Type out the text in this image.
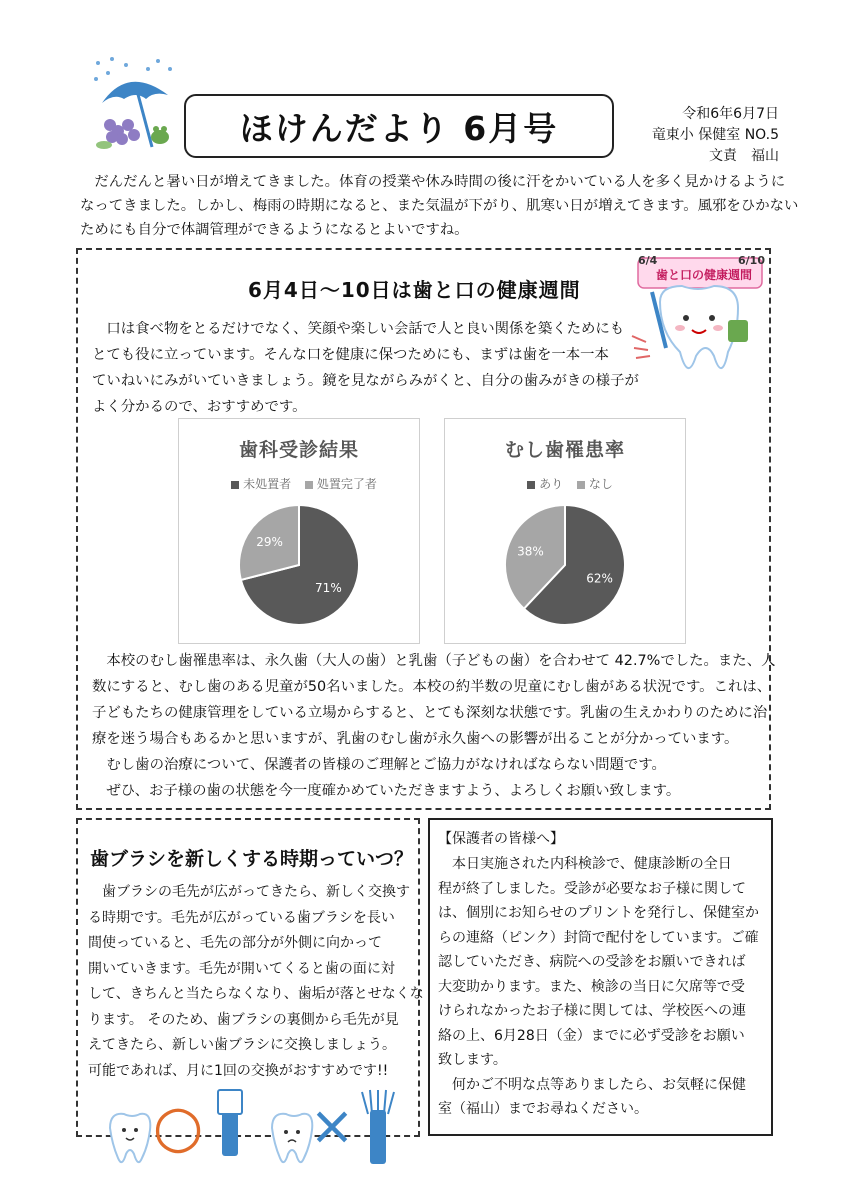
ほけんだより 6月号	令和6年6月7日
竜東小 保健室 NO.5
文責　福山
　だんだんと暑い日が増えてきました。体育の授業や休み時間の後に汗をかいている人を多く見かけるように
なってきました。しかし、梅雨の時期になると、また気温が下がり、肌寒い日が増えてきます。風邪をひかない
ためにも自分で体調管理ができるようになるとよいですね。
6月4日～10日は歯と口の健康週間
　口は食べ物をとるだけでなく、笑顔や楽しい会話で人と良い関係を築くためにも
とても役に立っています。そんな口を健康に保つためにも、まずは歯を一本一本
ていねいにみがいていきましょう。鏡を見ながらみがくと、自分の歯みがきの様子が
よく分かるので、おすすめです。
6/4
歯と口の健康週間
6/10
歯科受診結果
未処置者 処置完了者
71%
29%
むし歯罹患率
あり なし
62%
38%
　本校のむし歯罹患率は、永久歯（大人の歯）と乳歯（子どもの歯）を合わせて 42.7%でした。また、人
数にすると、むし歯のある児童が50名いました。本校の約半数の児童にむし歯がある状況です。これは、
子どもたちの健康管理をしている立場からすると、とても深刻な状態です。乳歯の生えかわりのために治
療を迷う場合もあるかと思いますが、乳歯のむし歯が永久歯への影響が出ることが分かっています。
　むし歯の治療について、保護者の皆様のご理解とご協力がなければならない問題です。
　ぜひ、お子様の歯の状態を今一度確かめていただきますよう、よろしくお願い致します。
歯ブラシを新しくする時期っていつ？
　歯ブラシの毛先が広がってきたら、新しく交換す
る時期です。毛先が広がっている歯ブラシを長い
間使っていると、毛先の部分が外側に向かって
開いていきます。毛先が開いてくると歯の面に対
して、きちんと当たらなくなり、歯垢が落とせなくな
ります。 そのため、歯ブラシの裏側から毛先が見
えてきたら、新しい歯ブラシに交換しましょう。
可能であれば、月に1回の交換がおすすめです!!
○ ×
【保護者の皆様へ】
　本日実施された内科検診で、健康診断の全日
程が終了しました。受診が必要なお子様に関して
は、個別にお知らせのプリントを発行し、保健室か
らの連絡（ピンク）封筒で配付をしています。ご確
認していただき、病院への受診をお願いできれば
大変助かります。また、検診の当日に欠席等で受
けられなかったお子様に関しては、学校医への連
絡の上、6月28日（金）までに必ず受診をお願い
致します。
　何かご不明な点等ありましたら、お気軽に保健
室（福山）までお尋ねください。
